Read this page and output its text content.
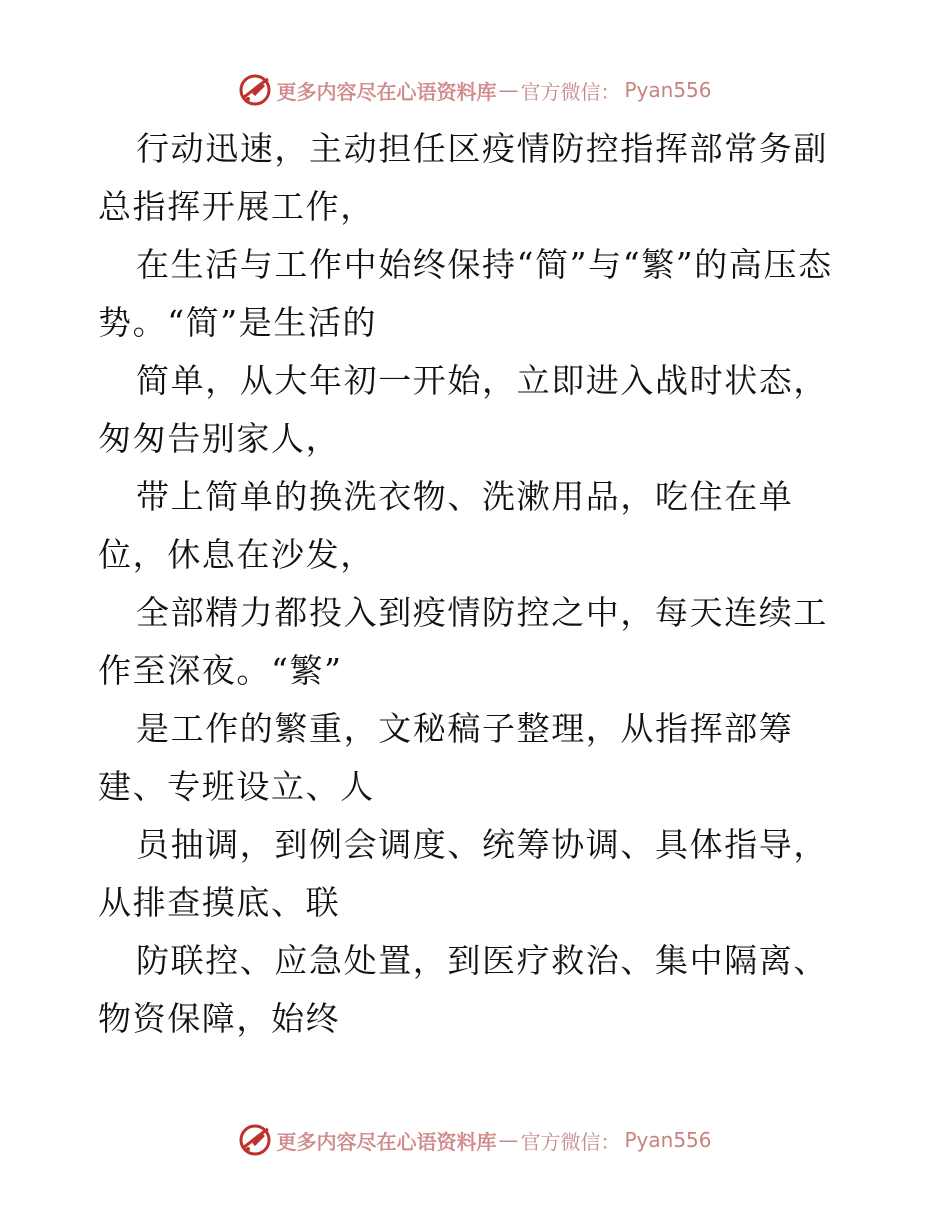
更多内容尽在心语资料库 — 官方微信： Pyan556

行动迅速，主动担任区疫情防控指挥部常务副总指挥开展工作，

在生活与工作中始终保持“简”与“繁”的高压态势。“简”是生活的

简单，从大年初一开始，立即进入战时状态，匆匆告别家人，

带上简单的换洗衣物、洗漱用品，吃住在单位，休息在沙发，

全部精力都投入到疫情防控之中，每天连续工作至深夜。“繁”

是工作的繁重，文秘稿子整理，从指挥部筹建、专班设立、人

员抽调，到例会调度、统筹协调、具体指导，从排查摸底、联

防联控、应急处置，到医疗救治、集中隔离、物资保障，始终

更多内容尽在心语资料库 — 官方微信： Pyan556
